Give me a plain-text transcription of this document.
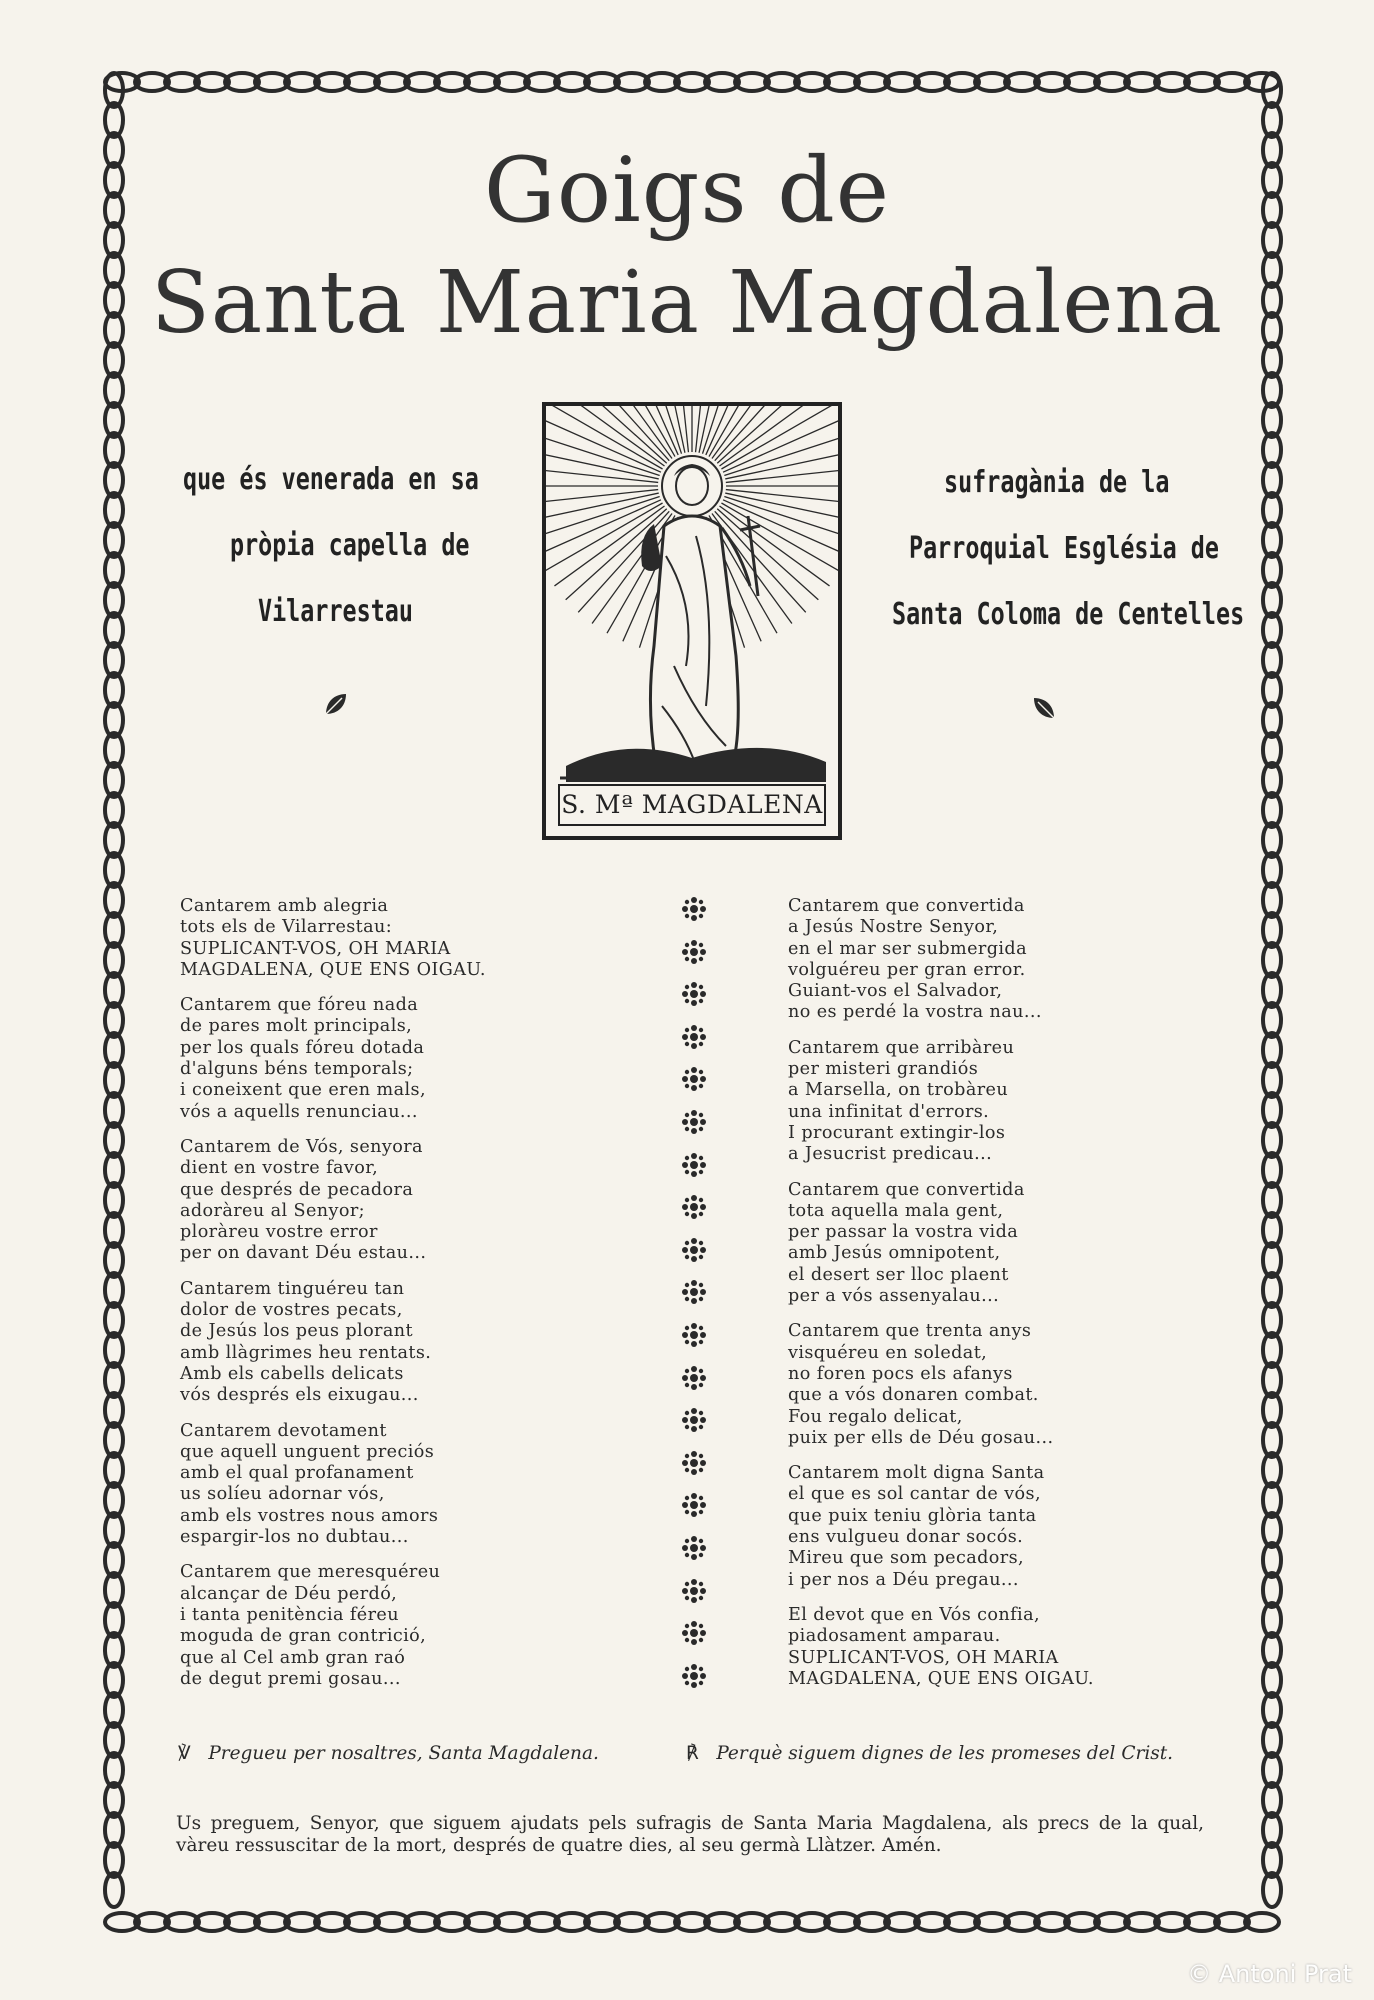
Goigs de
Santa Maria Magdalena
que és venerada en sa
pròpia capella de
Vilarrestau
sufragània de la
Parroquial Església de
Santa Coloma de Centelles
S. Mª MAGDALENA
Cantarem amb alegria
tots els de Vilarrestau:
SUPLICANT-VOS, OH MARIA
MAGDALENA, QUE ENS OIGAU.
Cantarem que fóreu nada
de pares molt principals,
per los quals fóreu dotada
d'alguns béns temporals;
i coneixent que eren mals,
vós a aquells renunciau...
Cantarem de Vós, senyora
dient en vostre favor,
que després de pecadora
adoràreu al Senyor;
ploràreu vostre error
per on davant Déu estau...
Cantarem tinguéreu tan
dolor de vostres pecats,
de Jesús los peus plorant
amb llàgrimes heu rentats.
Amb els cabells delicats
vós després els eixugau...
Cantarem devotament
que aquell unguent preciós
amb el qual profanament
us solíeu adornar vós,
amb els vostres nous amors
espargir-los no dubtau...
Cantarem que meresquéreu
alcançar de Déu perdó,
i tanta penitència féreu
moguda de gran contrició,
que al Cel amb gran raó
de degut premi gosau...
Cantarem que convertida
a Jesús Nostre Senyor,
en el mar ser submergida
volguéreu per gran error.
Guiant-vos el Salvador,
no es perdé la vostra nau...
Cantarem que arribàreu
per misteri grandiós
a Marsella, on trobàreu
una infinitat d'errors.
I procurant extingir-los
a Jesucrist predicau...
Cantarem que convertida
tota aquella mala gent,
per passar la vostra vida
amb Jesús omnipotent,
el desert ser lloc plaent
per a vós assenyalau...
Cantarem que trenta anys
visquéreu en soledat,
no foren pocs els afanys
que a vós donaren combat.
Fou regalo delicat,
puix per ells de Déu gosau...
Cantarem molt digna Santa
el que es sol cantar de vós,
que puix teniu glòria tanta
ens vulgueu donar socós.
Mireu que som pecadors,
i per nos a Déu pregau...
El devot que en Vós confia,
piadosament amparau.
SUPLICANT-VOS, OH MARIA
MAGDALENA, QUE ENS OIGAU.
℣ Pregueu per nosaltres, Santa Magdalena.	℟ Perquè siguem dignes de les promeses del Crist.
Us preguem, Senyor, que siguem ajudats pels sufragis de Santa Maria Magdalena, als precs de la qual, vàreu ressuscitar de la mort, després de quatre dies, al seu germà Llàtzer. Amén.
© Antoni Prat
